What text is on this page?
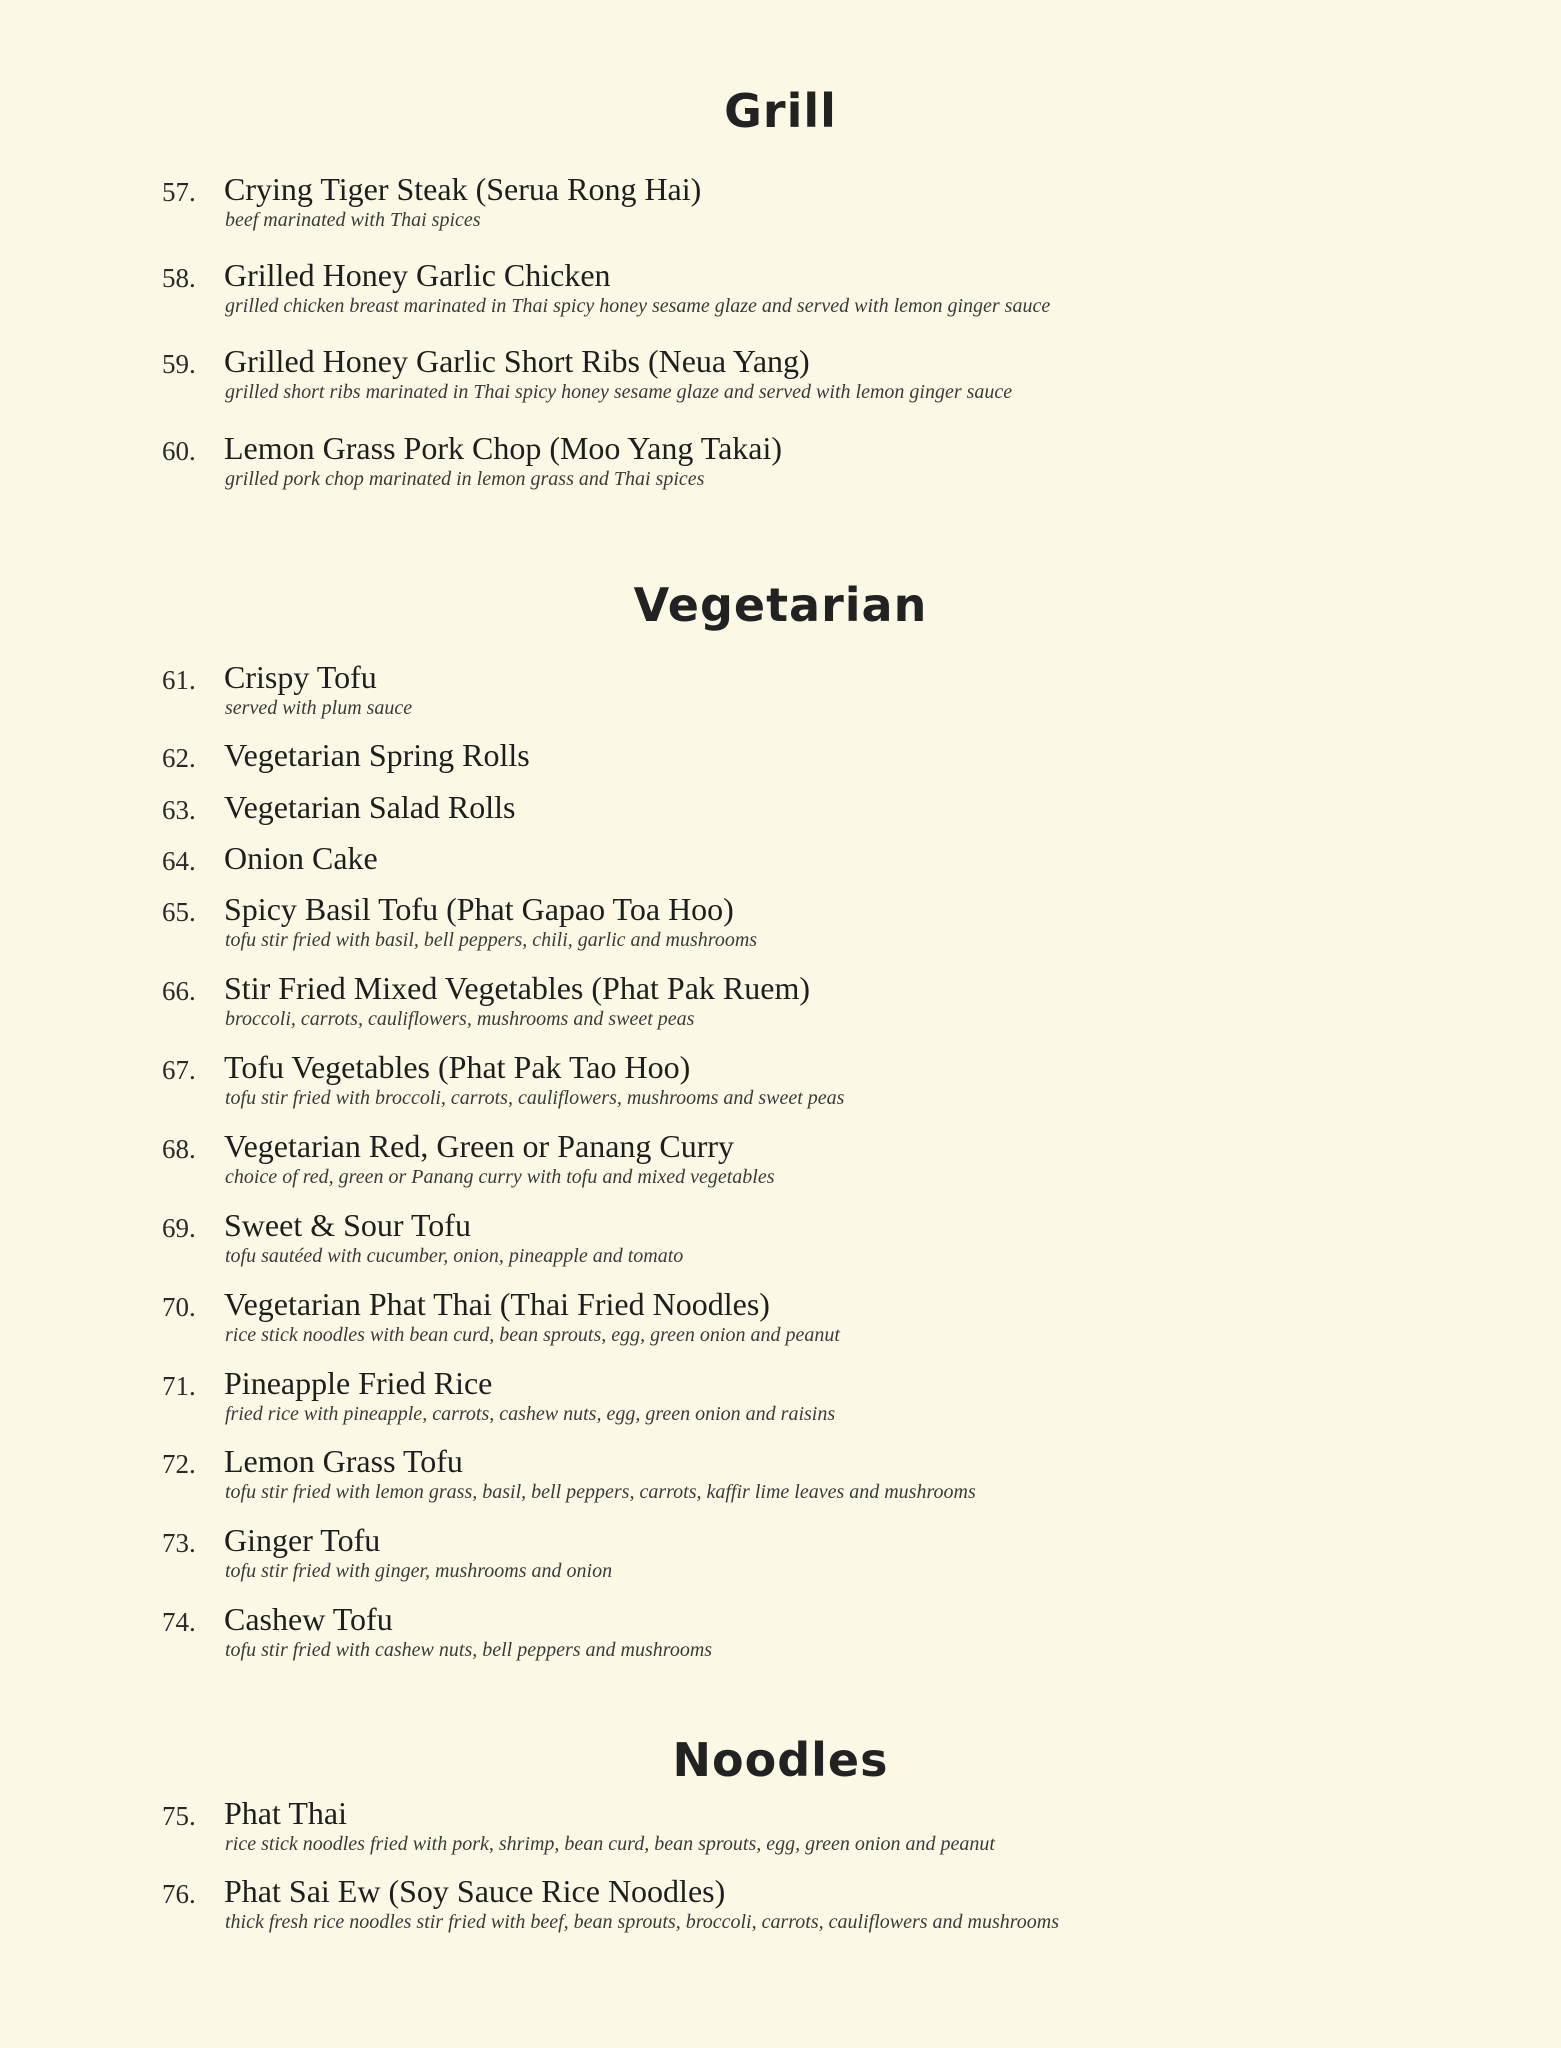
Grill
57. Crying Tiger Steak (Serua Rong Hai)
beef marinated with Thai spices
58. Grilled Honey Garlic Chicken
grilled chicken breast marinated in Thai spicy honey sesame glaze and served with lemon ginger sauce
59. Grilled Honey Garlic Short Ribs (Neua Yang)
grilled short ribs marinated in Thai spicy honey sesame glaze and served with lemon ginger sauce
60. Lemon Grass Pork Chop (Moo Yang Takai)
grilled pork chop marinated in lemon grass and Thai spices
Vegetarian
61. Crispy Tofu
served with plum sauce
62. Vegetarian Spring Rolls
63. Vegetarian Salad Rolls
64. Onion Cake
65. Spicy Basil Tofu (Phat Gapao Toa Hoo)
tofu stir fried with basil, bell peppers, chili, garlic and mushrooms
66. Stir Fried Mixed Vegetables (Phat Pak Ruem)
broccoli, carrots, cauliflowers, mushrooms and sweet peas
67. Tofu Vegetables (Phat Pak Tao Hoo)
tofu stir fried with broccoli, carrots, cauliflowers, mushrooms and sweet peas
68. Vegetarian Red, Green or Panang Curry
choice of red, green or Panang curry with tofu and mixed vegetables
69. Sweet & Sour Tofu
tofu sautéed with cucumber, onion, pineapple and tomato
70. Vegetarian Phat Thai (Thai Fried Noodles)
rice stick noodles with bean curd, bean sprouts, egg, green onion and peanut
71. Pineapple Fried Rice
fried rice with pineapple, carrots, cashew nuts, egg, green onion and raisins
72. Lemon Grass Tofu
tofu stir fried with lemon grass, basil, bell peppers, carrots, kaffir lime leaves and mushrooms
73. Ginger Tofu
tofu stir fried with ginger, mushrooms and onion
74. Cashew Tofu
tofu stir fried with cashew nuts, bell peppers and mushrooms
Noodles
75. Phat Thai
rice stick noodles fried with pork, shrimp, bean curd, bean sprouts, egg, green onion and peanut
76. Phat Sai Ew (Soy Sauce Rice Noodles)
thick fresh rice noodles stir fried with beef, bean sprouts, broccoli, carrots, cauliflowers and mushrooms
